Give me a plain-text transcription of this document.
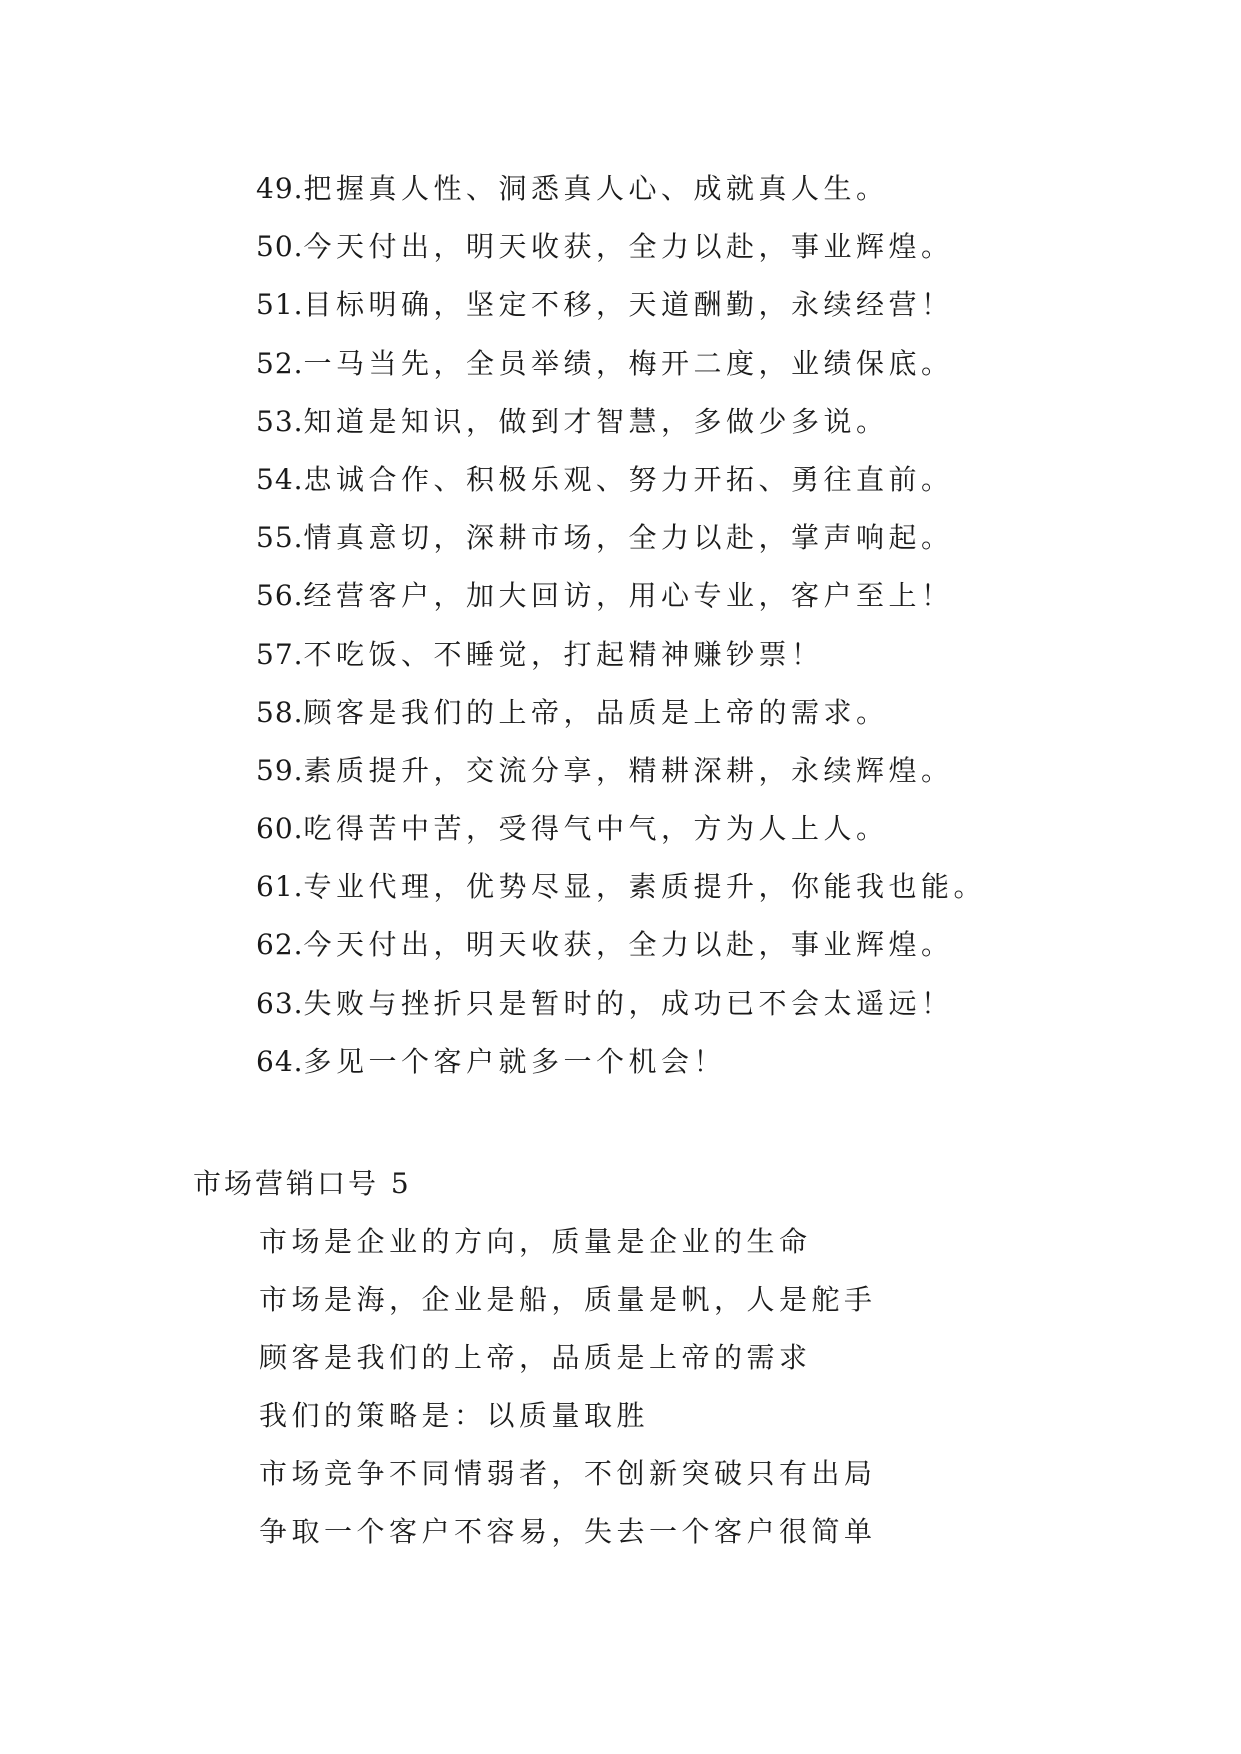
49.把握真人性、洞悉真人心、成就真人生。
50.今天付出，明天收获，全力以赴，事业辉煌。
51.目标明确，坚定不移，天道酬勤，永续经营！
52.一马当先，全员举绩，梅开二度，业绩保底。
53.知道是知识，做到才智慧，多做少多说。
54.忠诚合作、积极乐观、努力开拓、勇往直前。
55.情真意切，深耕市场，全力以赴，掌声响起。
56.经营客户，加大回访，用心专业，客户至上！
57.不吃饭、不睡觉，打起精神赚钞票！
58.顾客是我们的上帝，品质是上帝的需求。
59.素质提升，交流分享，精耕深耕，永续辉煌。
60.吃得苦中苦，受得气中气，方为人上人。
61.专业代理，优势尽显，素质提升，你能我也能。
62.今天付出，明天收获，全力以赴，事业辉煌。
63.失败与挫折只是暂时的，成功已不会太遥远！
64.多见一个客户就多一个机会！
市场营销口号 5
市场是企业的方向，质量是企业的生命
市场是海，企业是船，质量是帆，人是舵手
顾客是我们的上帝，品质是上帝的需求
我们的策略是：以质量取胜
市场竞争不同情弱者，不创新突破只有出局
争取一个客户不容易，失去一个客户很简单
